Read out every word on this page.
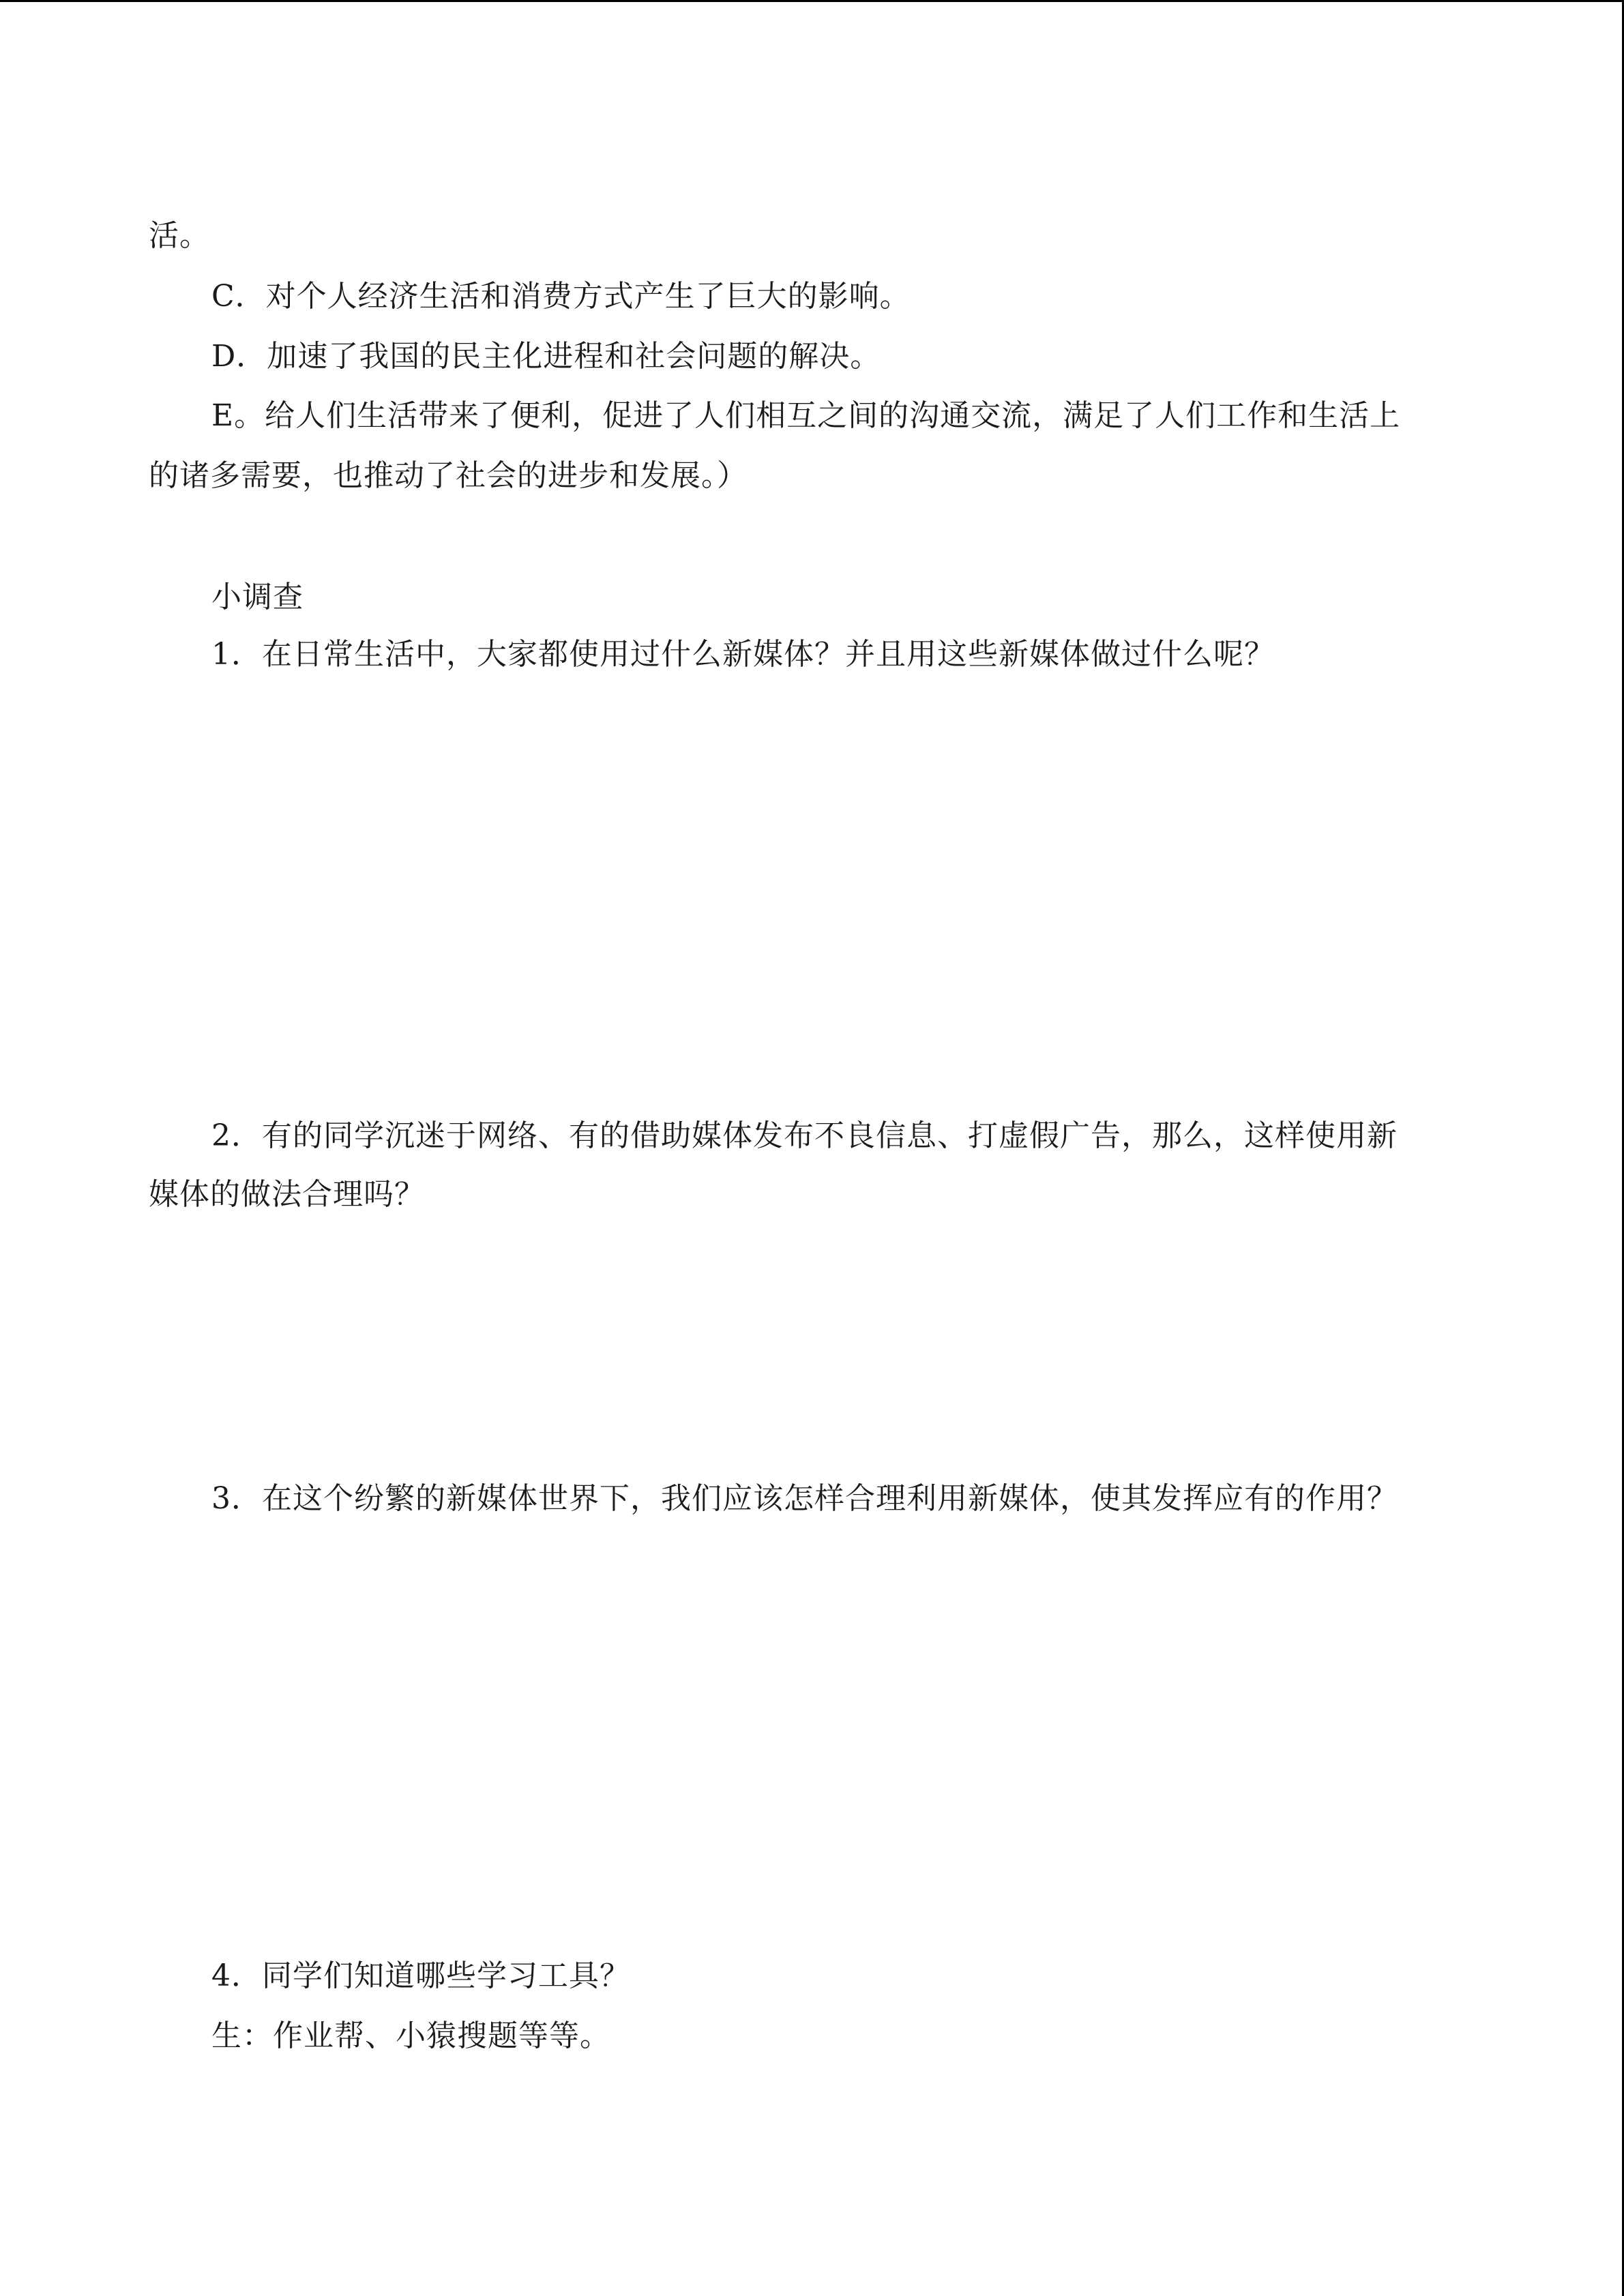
活。

C．对个人经济生活和消费方式产生了巨大的影响。

D．加速了我国的民主化进程和社会问题的解决。

E。给人们生活带来了便利，促进了人们相互之间的沟通交流，满足了人们工作和生活上

的诸多需要，也推动了社会的进步和发展。）

小调查

1．在日常生活中，大家都使用过什么新媒体？并且用这些新媒体做过什么呢？

2．有的同学沉迷于网络、有的借助媒体发布不良信息、打虚假广告，那么，这样使用新

媒体的做法合理吗？

3．在这个纷繁的新媒体世界下，我们应该怎样合理利用新媒体，使其发挥应有的作用？

4．同学们知道哪些学习工具？

生：作业帮、小猿搜题等等。
